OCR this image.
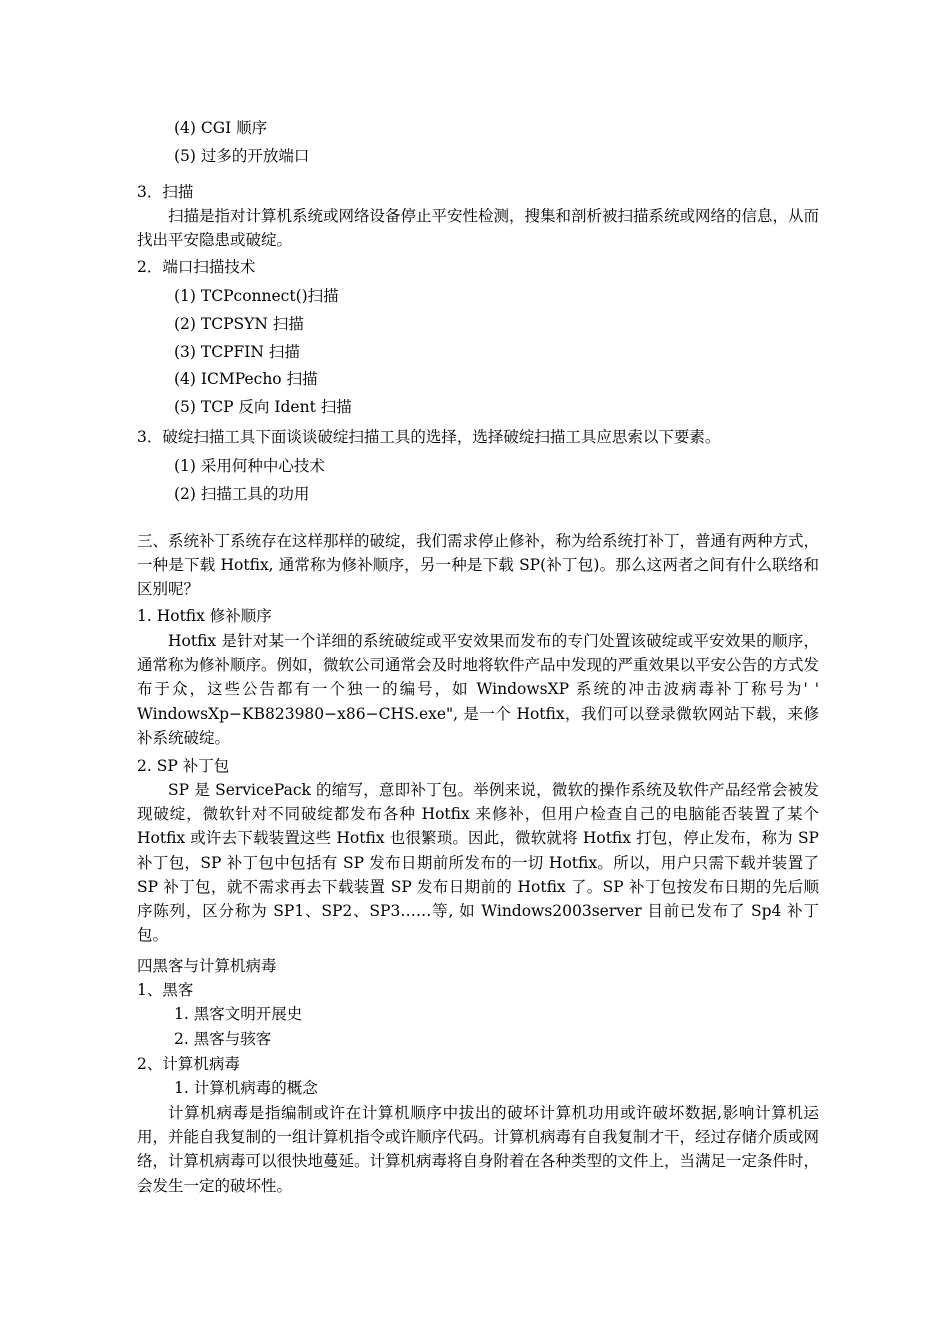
(4) CGI 顺序
(5) 过多的开放端口
3．扫描

扫描是指对计算机系统或网络设备停止平安性检测，搜集和剖析被扫描系统或网络的信息，从而找出平安隐患或破绽。

2．端口扫描技术
(1) TCPconnect()扫描
(2) TCPSYN 扫描
(3) TCPFIN 扫描
(4) ICMPecho 扫描
(5) TCP 反向 Ident 扫描
3．破绽扫描工具下面谈谈破绽扫描工具的选择，选择破绽扫描工具应思索以下要素。
(1) 采用何种中心技术
(2) 扫描工具的功用

三、系统补丁系统存在这样那样的破绽，我们需求停止修补，称为给系统打补丁，普通有两种方式，一种是下载 Hotfix, 通常称为修补顺序，另一种是下载 SP(补丁包)。那么这两者之间有什么联络和区别呢？

1. Hotfix 修补顺序

Hotfix 是针对某一个详细的系统破绽或平安效果而发布的专门处置该破绽或平安效果的顺序，通常称为修补顺序。例如，微软公司通常会及时地将软件产品中发现的严重效果以平安公告的方式发布于众，这些公告都有一个独一的编号，如 WindowsXP 系统的冲击波病毒补丁称号为' ' WindowsXp−KB823980−x86−CHS.exe", 是一个 Hotfix，我们可以登录微软网站下载，来修补系统破绽。

2. SP 补丁包

SP 是 ServicePack 的缩写，意即补丁包。举例来说，微软的操作系统及软件产品经常会被发现破绽，微软针对不同破绽都发布各种 Hotfix 来修补，但用户检查自己的电脑能否装置了某个 Hotfix 或许去下载装置这些 Hotfix 也很繁琐。因此，微软就将 Hotfix 打包，停止发布，称为 SP 补丁包，SP 补丁包中包括有 SP 发布日期前所发布的一切 Hotfix。所以，用户只需下载并装置了 SP 补丁包，就不需求再去下载装置 SP 发布日期前的 Hotfix 了。SP 补丁包按发布日期的先后顺序陈列，区分称为 SP1、SP2、SP3……等, 如 Windows2003server 目前已发布了 Sp4 补丁包。

四黑客与计算机病毒
1、黑客
1. 黑客文明开展史
2. 黑客与骇客
2、计算机病毒
1. 计算机病毒的概念

计算机病毒是指编制或许在计算机顺序中拔出的破坏计算机功用或许破坏数据,影响计算机运用，并能自我复制的一组计算机指令或许顺序代码。计算机病毒有自我复制才干，经过存储介质或网络，计算机病毒可以很快地蔓延。计算机病毒将自身附着在各种类型的文件上，当满足一定条件时，会发生一定的破坏性。
